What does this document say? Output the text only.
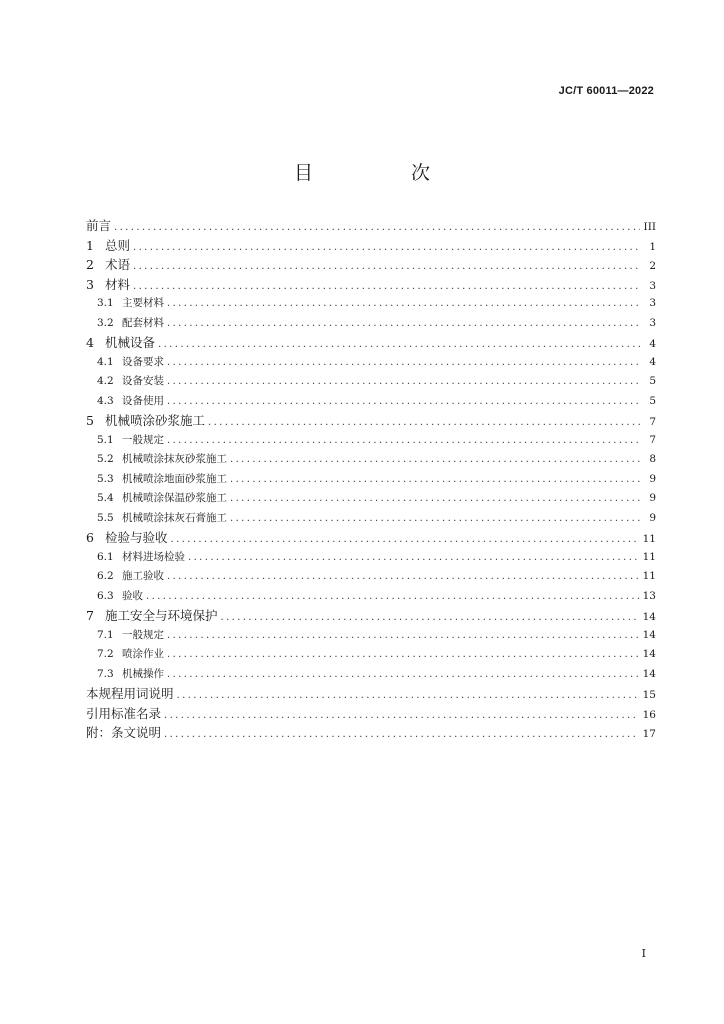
JC/T 60011—2022
目 次
前言 .....	III
1 总则 .....	1
2 术语 .....	2
3 材料 .....	3
3.1 主要材料 .....	3
3.2 配套材料 .....	3
4 机械设备 .....	4
4.1 设备要求 .....	4
4.2 设备安装 .....	5
4.3 设备使用 .....	5
5 机械喷涂砂浆施工 .....	7
5.1 一般规定 .....	7
5.2 机械喷涂抹灰砂浆施工 .....	8
5.3 机械喷涂地面砂浆施工 .....	9
5.4 机械喷涂保温砂浆施工 .....	9
5.5 机械喷涂抹灰石膏施工 .....	9
6 检验与验收 .....	11
6.1 材料进场检验 .....	11
6.2 施工验收 .....	11
6.3 验收 .....	13
7 施工安全与环境保护 .....	14
7.1 一般规定 .....	14
7.2 喷涂作业 .....	14
7.3 机械操作 .....	14
本规程用词说明 .....	15
引用标准名录 .....	16
附：条文说明 .....	17
I
